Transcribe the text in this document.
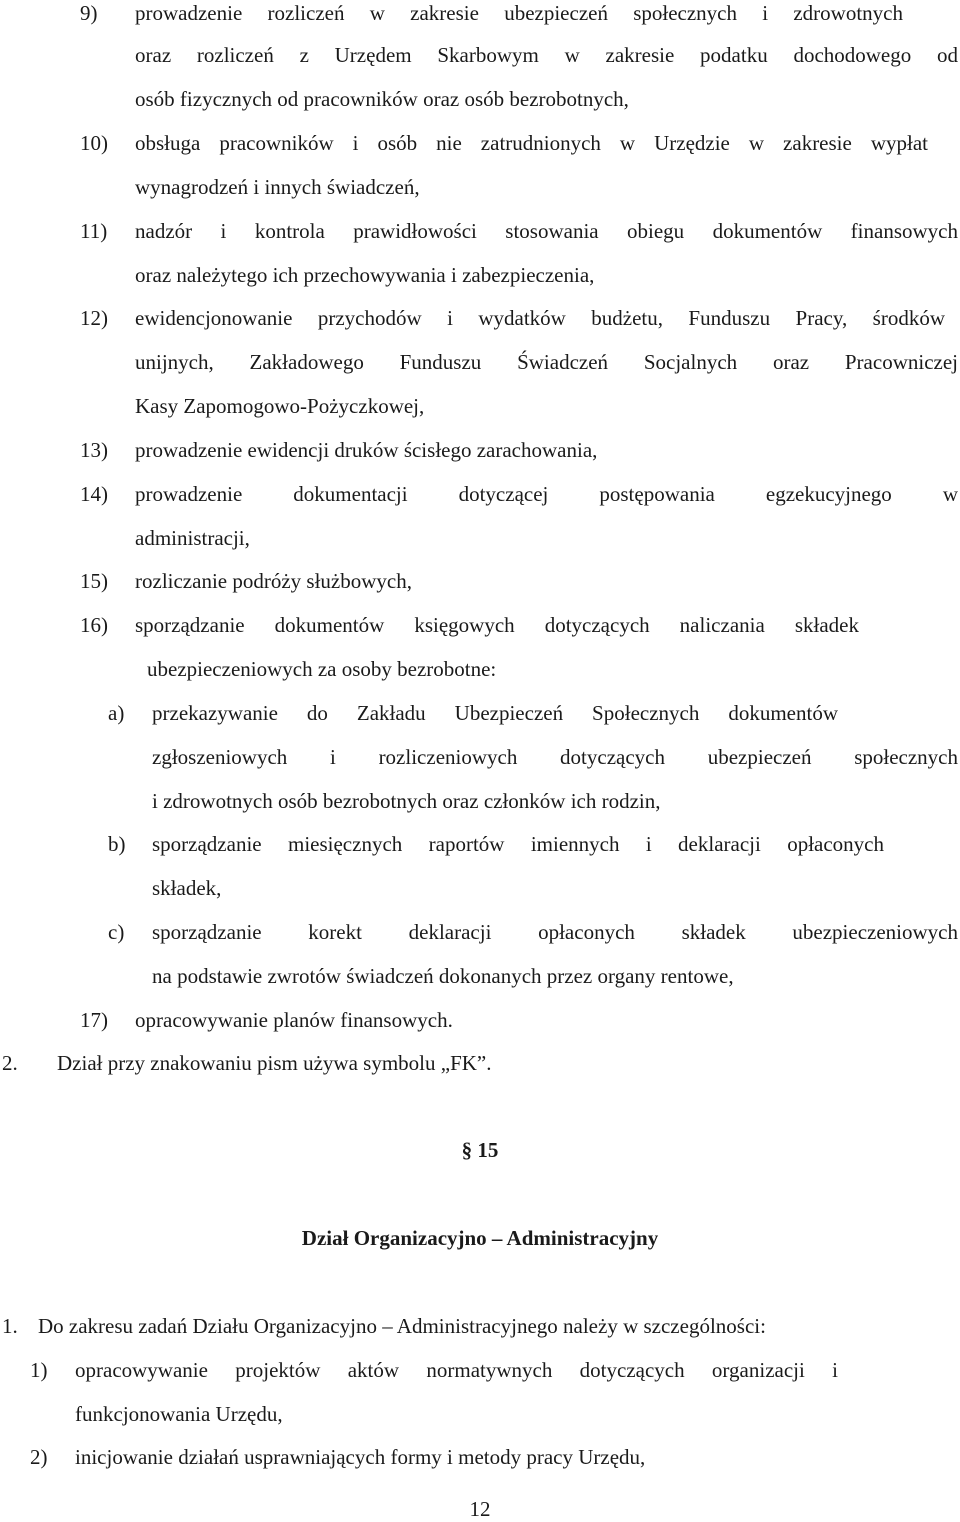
9) prowadzenie rozliczeń w zakresie ubezpieczeń społecznych i zdrowotnych
oraz rozliczeń z Urzędem Skarbowym w zakresie podatku dochodowego od
osób fizycznych od pracowników oraz osób bezrobotnych,
10) obsługa pracowników i osób nie zatrudnionych w Urzędzie w zakresie wypłat
wynagrodzeń i innych świadczeń,
11) nadzór i kontrola prawidłowości stosowania obiegu dokumentów finansowych
oraz należytego ich przechowywania i zabezpieczenia,
12) ewidencjonowanie przychodów i wydatków budżetu, Funduszu Pracy, środków
unijnych, Zakładowego Funduszu Świadczeń Socjalnych oraz Pracowniczej
Kasy Zapomogowo-Pożyczkowej,
13) prowadzenie ewidencji druków ścisłego zarachowania,
14) prowadzenie dokumentacji dotyczącej postępowania egzekucyjnego w
administracji,
15) rozliczanie podróży służbowych,
16) sporządzanie dokumentów księgowych dotyczących naliczania składek
ubezpieczeniowych za osoby bezrobotne:
a) przekazywanie do Zakładu Ubezpieczeń Społecznych dokumentów
zgłoszeniowych i rozliczeniowych dotyczących ubezpieczeń społecznych
i zdrowotnych osób bezrobotnych oraz członków ich rodzin,
b) sporządzanie miesięcznych raportów imiennych i deklaracji opłaconych
składek,
c) sporządzanie korekt deklaracji opłaconych składek ubezpieczeniowych
na podstawie zwrotów świadczeń dokonanych przez organy rentowe,
17) opracowywanie planów finansowych.
2. Dział przy znakowaniu pism używa symbolu „FK”.
§ 15
Dział Organizacyjno – Administracyjny
1. Do zakresu zadań Działu Organizacyjno – Administracyjnego należy w szczególności:
1) opracowywanie projektów aktów normatywnych dotyczących organizacji i
funkcjonowania Urzędu,
2) inicjowanie działań usprawniających formy i metody pracy Urzędu,
12
